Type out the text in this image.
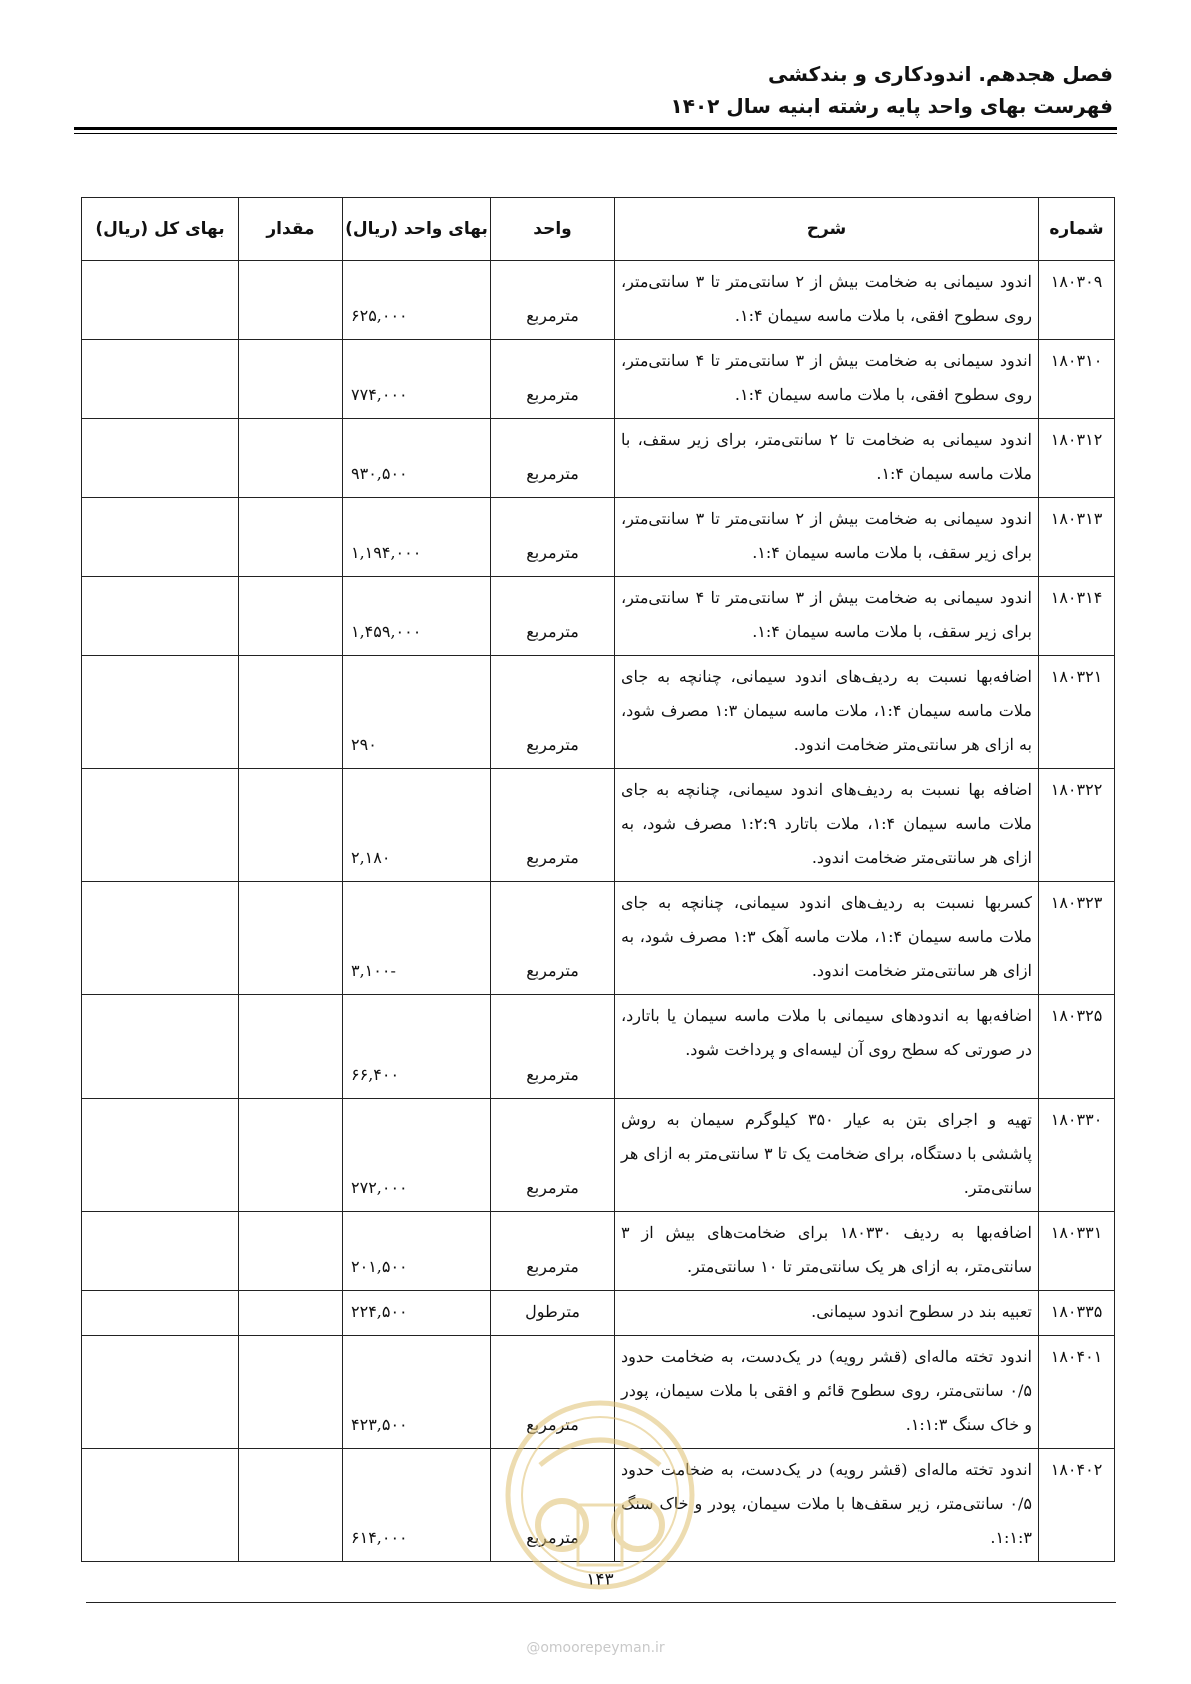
فصل هجدهم. اندودکاری و بندکشی
فهرست بهای واحد پایه رشته ابنیه سال ۱۴۰۲
شماره	شرح	واحد	بهای واحد (ریال)	مقدار	بهای کل (ریال)
۱۸۰۳۰۹	اندود سیمانی به ضخامت بیش از ۲ سانتی‌متر تا ۳ سانتی‌متر، روی سطوح افقی، با ملات ماسه سیمان ۱:۴.	مترمربع	۶۲۵,۰۰۰		
۱۸۰۳۱۰	اندود سیمانی به ضخامت بیش از ۳ سانتی‌متر تا ۴ سانتی‌متر، روی سطوح افقی، با ملات ماسه سیمان ۱:۴.	مترمربع	۷۷۴,۰۰۰		
۱۸۰۳۱۲	اندود سیمانی به ضخامت تا ۲ سانتی‌متر، برای زیر سقف، با ملات ماسه سیمان ۱:۴.	مترمربع	۹۳۰,۵۰۰		
۱۸۰۳۱۳	اندود سیمانی به ضخامت بیش از ۲ سانتی‌متر تا ۳ سانتی‌متر، برای زیر سقف، با ملات ماسه سیمان ۱:۴.	مترمربع	۱,۱۹۴,۰۰۰		
۱۸۰۳۱۴	اندود سیمانی به ضخامت بیش از ۳ سانتی‌متر تا ۴ سانتی‌متر، برای زیر سقف، با ملات ماسه سیمان ۱:۴.	مترمربع	۱,۴۵۹,۰۰۰		
۱۸۰۳۲۱	اضافه‌بها نسبت به ردیف‌های اندود سیمانی، چنانچه به جای ملات ماسه سیمان ۱:۴، ملات ماسه سیمان ۱:۳ مصرف شود، به ازای هر سانتی‌متر ضخامت اندود.	مترمربع	۲۹۰		
۱۸۰۳۲۲	اضافه بها نسبت به ردیف‌های اندود سیمانی، چنانچه به جای ملات ماسه سیمان ۱:۴، ملات باتارد ۱:۲:۹ مصرف شود، به ازای هر سانتی‌متر ضخامت اندود.	مترمربع	۲,۱۸۰		
۱۸۰۳۲۳	کسربها نسبت به ردیف‌های اندود سیمانی، چنانچه به جای ملات ماسه سیمان ۱:۴، ملات ماسه آهک ۱:۳ مصرف شود، به ازای هر سانتی‌متر ضخامت اندود.	مترمربع	-۳,۱۰۰		
۱۸۰۳۲۵	اضافه‌بها به اندودهای سیمانی با ملات ماسه سیمان یا باتارد، در صورتی که سطح روی آن لیسه‌ای و پرداخت شود.	مترمربع	۶۶,۴۰۰		
۱۸۰۳۳۰	تهیه و اجرای بتن به عیار ۳۵۰ کیلوگرم سیمان به روش پاششی با دستگاه، برای ضخامت یک تا ۳ سانتی‌متر به ازای هر سانتی‌متر.	مترمربع	۲۷۲,۰۰۰		
۱۸۰۳۳۱	اضافه‌بها به ردیف ۱۸۰۳۳۰ برای ضخامت‌های بیش از ۳ سانتی‌متر، به ازای هر یک سانتی‌متر تا ۱۰ سانتی‌متر.	مترمربع	۲۰۱,۵۰۰		
۱۸۰۳۳۵	تعبیه بند در سطوح اندود سیمانی.	مترطول	۲۲۴,۵۰۰		
۱۸۰۴۰۱	اندود تخته ماله‌ای (قشر رویه) در یک‌دست، به ضخامت حدود ۰/۵ سانتی‌متر، روی سطوح قائم و افقی با ملات سیمان، پودر و خاک سنگ ۱:۱:۳.	مترمربع	۴۲۳,۵۰۰		
۱۸۰۴۰۲	اندود تخته ماله‌ای (قشر رویه) در یک‌دست، به ضخامت حدود ۰/۵ سانتی‌متر، زیر سقف‌ها با ملات سیمان، پودر و خاک سنگ ۱:۱:۳.	مترمربع	۶۱۴,۰۰۰		
۱۴۳
@omoorepeyman.ir
